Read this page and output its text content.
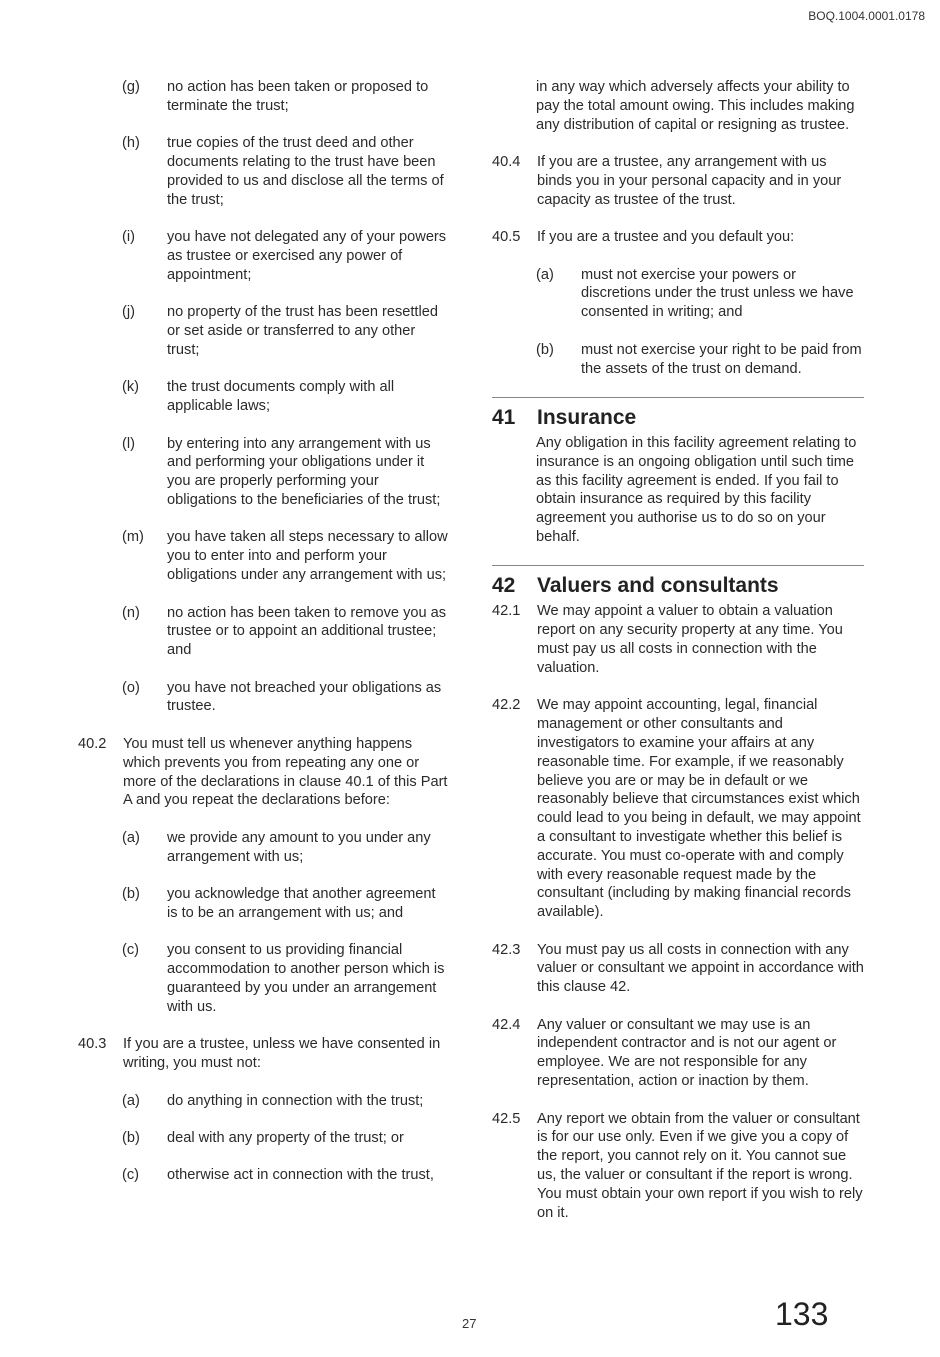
BOQ.1004.0001.0178
(g)	no action has been taken or proposed to terminate the trust;
(h)	true copies of the trust deed and other documents relating to the trust have been provided to us and disclose all the terms of the trust;
(i)	you have not delegated any of your powers as trustee or exercised any power of appointment;
(j)	no property of the trust has been resettled or set aside or transferred to any other trust;
(k)	the trust documents comply with all applicable laws;
(l)	by entering into any arrangement with us and performing your obligations under it you are properly performing your obligations to the beneficiaries of the trust;
(m)	you have taken all steps necessary to allow you to enter into and perform your obligations under any arrangement with us;
(n)	no action has been taken to remove you as trustee or to appoint an additional trustee; and
(o)	you have not breached your obligations as trustee.
40.2	You must tell us whenever anything happens which prevents you from repeating any one or more of the declarations in clause 40.1 of this Part A and you repeat the declarations before:
(a)	we provide any amount to you under any arrangement with us;
(b)	you acknowledge that another agreement is to be an arrangement with us; and
(c)	you consent to us providing financial accommodation to another person which is guaranteed by you under an arrangement with us.
40.3	If you are a trustee, unless we have consented in writing, you must not:
(a)	do anything in connection with the trust;
(b)	deal with any property of the trust; or
(c)	otherwise act in connection with the trust,
in any way which adversely affects your ability to pay the total amount owing. This includes making any distribution of capital or resigning as trustee.
40.4	If you are a trustee, any arrangement with us binds you in your personal capacity and in your capacity as trustee of the trust.
40.5	If you are a trustee and you default you:
(a)	must not exercise your powers or discretions under the trust unless we have consented in writing; and
(b)	must not exercise your right to be paid from the assets of the trust on demand.
41	Insurance
Any obligation in this facility agreement relating to insurance is an ongoing obligation until such time as this facility agreement is ended. If you fail to obtain insurance as required by this facility agreement you authorise us to do so on your behalf.
42	Valuers and consultants
42.1	We may appoint a valuer to obtain a valuation report on any security property at any time. You must pay us all costs in connection with the valuation.
42.2	We may appoint accounting, legal, financial management or other consultants and investigators to examine your affairs at any reasonable time. For example, if we reasonably believe you are or may be in default or we reasonably believe that circumstances exist which could lead to you being in default, we may appoint a consultant to investigate whether this belief is accurate. You must co-operate with and comply with every reasonable request made by the consultant (including by making financial records available).
42.3	You must pay us all costs in connection with any valuer or consultant we appoint in accordance with this clause 42.
42.4	Any valuer or consultant we may use is an independent contractor and is not our agent or employee. We are not responsible for any representation, action or inaction by them.
42.5	Any report we obtain from the valuer or consultant is for our use only. Even if we give you a copy of the report, you cannot rely on it. You cannot sue us, the valuer or consultant if the report is wrong. You must obtain your own report if you wish to rely on it.
27	133
